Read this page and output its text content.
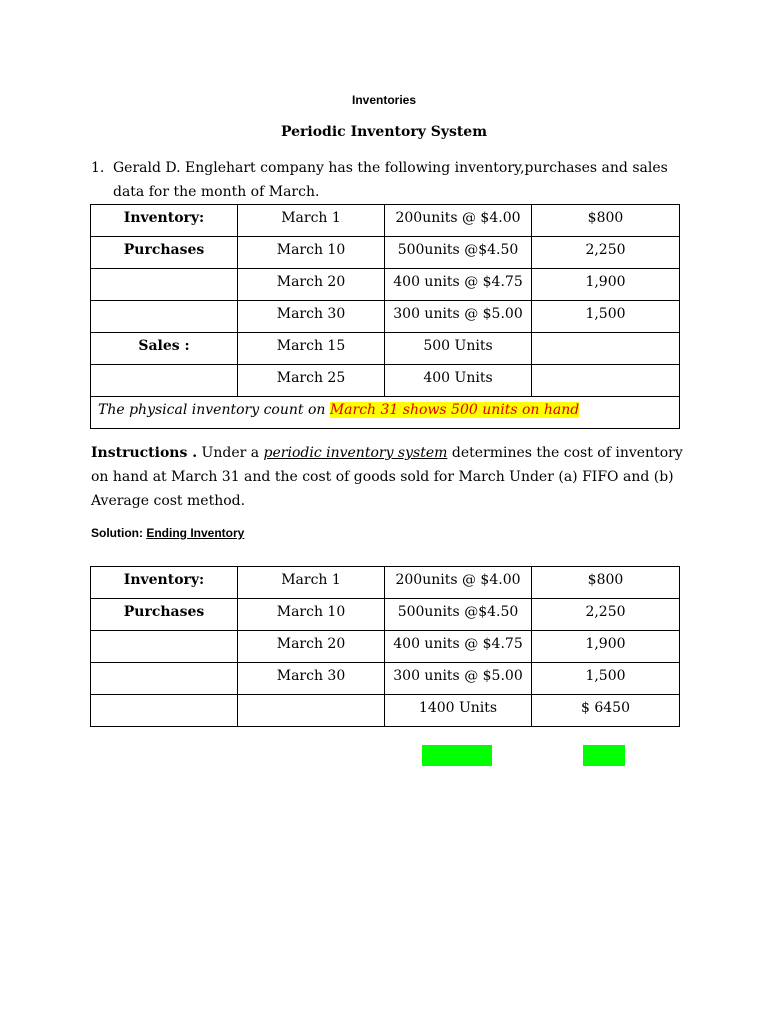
Inventories
Periodic Inventory System
1. Gerald D. Englehart company has the following inventory,purchases and sales data for the month of March.
Inventory:	March 1	200units @ $4.00	$800
Purchases	March 10	500units @$4.50	2,250
	March 20	400 units @ $4.75	1,900
	March 30	300 units @ $5.00	1,500
Sales :	March 15	500 Units	
	March 25	400 Units	
The physical inventory count on March 31 shows 500 units on hand			
Instructions . Under a periodic inventory system determines the cost of inventory on hand at March 31 and the cost of goods sold for March Under (a) FIFO and (b) Average cost method.
Solution: Ending Inventory
Inventory:	March 1	200units @ $4.00	$800
Purchases	March 10	500units @$4.50	2,250
	March 20	400 units @ $4.75	1,900
	March 30	300 units @ $5.00	1,500
		1400 Units	$ 6450
